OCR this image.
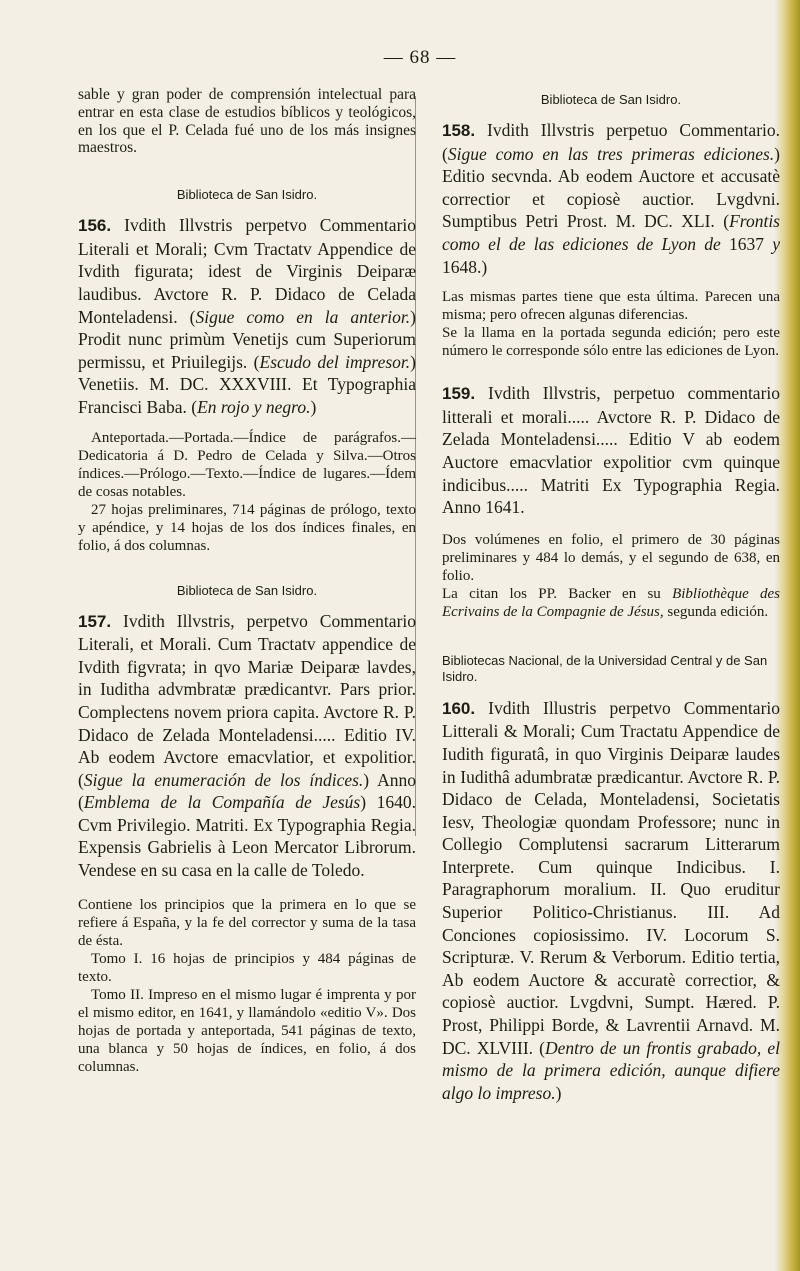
— 68 —

sable y gran poder de comprensión intelectual para entrar en esta clase de estudios bíblicos y teológicos, en los que el P. Celada fué uno de los más insignes maestros.

Biblioteca de San Isidro.

156. Ivdith Illvstris perpetvo Commentario Literali et Morali; Cvm Tractatv Appendice de Ivdith figurata; idest de Virginis Deiparæ laudibus. Avctore R. P. Didaco de Celada Monteladensi. (Sigue como en la anterior.) Prodit nunc primùm Venetijs cum Superiorum permissu, et Priuilegijs. (Escudo del impresor.) Venetiis. M. DC. XXXVIII. Et Typographia Francisci Baba. (En rojo y negro.)

Anteportada.—Portada.—Índice de parágrafos.—Dedicatoria á D. Pedro de Celada y Silva.—Otros índices.—Prólogo.—Texto.—Índice de lugares.—Ídem de cosas notables.

27 hojas preliminares, 714 páginas de prólogo, texto y apéndice, y 14 hojas de los dos índices finales, en folio, á dos columnas.

Biblioteca de San Isidro.

157. Ivdith Illvstris, perpetvo Commentario Literali, et Morali. Cum Tractatv appendice de Ivdith figvrata; in qvo Mariæ Deiparæ lavdes, in Iuditha advmbratæ prædicantvr. Pars prior. Complectens novem priora capita. Avctore R. P. Didaco de Zelada Monteladensi..... Editio IV. Ab eodem Avctore emacvlatior, et expolitior. (Sigue la enumeración de los índices.) Anno (Emblema de la Compañía de Jesús) 1640. Cvm Privilegio. Matriti. Ex Typographia Regia. Expensis Gabrielis à Leon Mercator Librorum. Vendese en su casa en la calle de Toledo.

Contiene los principios que la primera en lo que se refiere á España, y la fe del corrector y suma de la tasa de ésta.

Tomo I. 16 hojas de principios y 484 páginas de texto.

Tomo II. Impreso en el mismo lugar é imprenta y por el mismo editor, en 1641, y llamándolo «editio V». Dos hojas de portada y anteportada, 541 páginas de texto, una blanca y 50 hojas de índices, en folio, á dos columnas.

Biblioteca de San Isidro.

158. Ivdith Illvstris perpetuo Commentario. (Sigue como en las tres primeras ediciones.) Editio secvnda. Ab eodem Auctore et accusatè correctior et copiosè auctior. Lvgdvni. Sumptibus Petri Prost. M. DC. XLI. (Frontis como el de las ediciones de Lyon de 1637 y 1648.)

Las mismas partes tiene que esta última. Parecen una misma; pero ofrecen algunas diferencias.

Se la llama en la portada segunda edición; pero este número le corresponde sólo entre las ediciones de Lyon.

159. Ivdith Illvstris, perpetuo commentario litterali et morali..... Avctore R. P. Didaco de Zelada Monteladensi..... Editio V ab eodem Auctore emacvlatior expolitior cvm quinque indicibus..... Matriti Ex Typographia Regia. Anno 1641.

Dos volúmenes en folio, el primero de 30 páginas preliminares y 484 lo demás, y el segundo de 638, en folio.

La citan los PP. Backer en su Bibliothèque des Ecrivains de la Compagnie de Jésus, segunda edición.

Bibliotecas Nacional, de la Universidad Central y de San Isidro.

160. Ivdith Illustris perpetvo Commentario Litterali & Morali; Cum Tractatu Appendice de Iudith figuratâ, in quo Virginis Deiparæ laudes in Iudithâ adumbratæ prædicantur. Avctore R. P. Didaco de Celada, Monteladensi, Societatis Iesv, Theologiæ quondam Professore; nunc in Collegio Complutensi sacrarum Litterarum Interprete. Cum quinque Indicibus. I. Paragraphorum moralium. II. Quo eruditur Superior Politico-Christianus. III. Ad Conciones copiosissimo. IV. Locorum S. Scripturæ. V. Rerum & Verborum. Editio tertia, Ab eodem Auctore & accuratè correctior, & copiosè auctior. Lvgdvni, Sumpt. Hæred. P. Prost, Philippi Borde, & Lavrentii Arnavd. M. DC. XLVIII. (Dentro de un frontis grabado, el mismo de la primera edición, aunque difiere algo lo impreso.)
